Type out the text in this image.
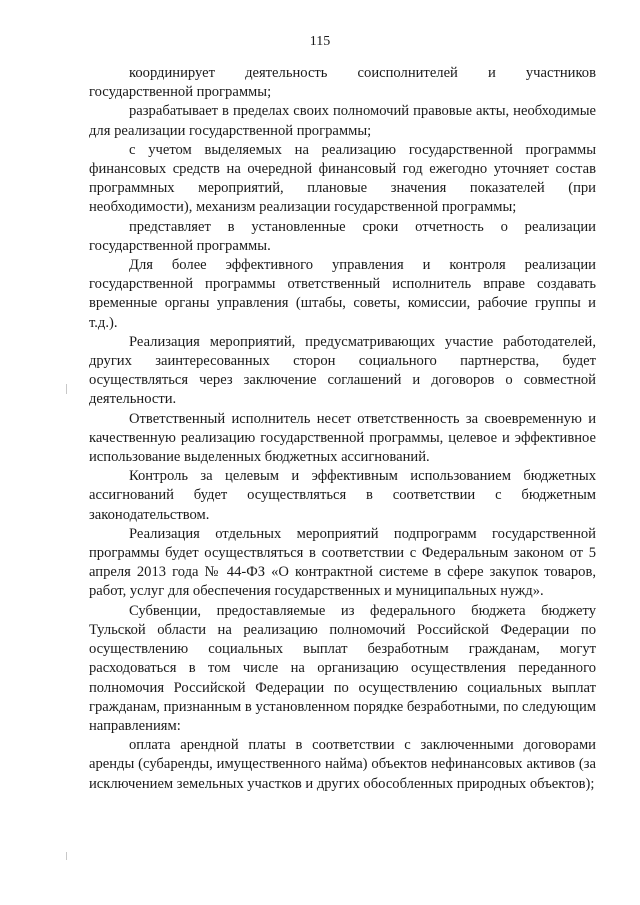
115

координирует деятельность соисполнителей и участников государственной программы;

разрабатывает в пределах своих полномочий правовые акты, необходимые для реализации государственной программы;

с учетом выделяемых на реализацию государственной программы финансовых средств на очередной финансовый год ежегодно уточняет состав программных мероприятий, плановые значения показателей (при необходимости), механизм реализации государственной программы;

представляет в установленные сроки отчетность о реализации государственной программы.

Для более эффективного управления и контроля реализации государственной программы ответственный исполнитель вправе создавать временные органы управления (штабы, советы, комиссии, рабочие группы и т.д.).

Реализация мероприятий, предусматривающих участие работодателей, других заинтересованных сторон социального партнерства, будет осуществляться через заключение соглашений и договоров о совместной деятельности.

Ответственный исполнитель несет ответственность за своевременную и качественную реализацию государственной программы, целевое и эффективное использование выделенных бюджетных ассигнований.

Контроль за целевым и эффективным использованием бюджетных ассигнований будет осуществляться в соответствии с бюджетным законодательством.

Реализация отдельных мероприятий подпрограмм государственной программы будет осуществляться в соответствии с Федеральным законом от 5 апреля 2013 года № 44-ФЗ «О контрактной системе в сфере закупок товаров, работ, услуг для обеспечения государственных и муниципальных нужд».

Субвенции, предоставляемые из федерального бюджета бюджету Тульской области на реализацию полномочий Российской Федерации по осуществлению социальных выплат безработным гражданам, могут расходоваться в том числе на организацию осуществления переданного полномочия Российской Федерации по осуществлению социальных выплат гражданам, признанным в установленном порядке безработными, по следующим направлениям:

оплата арендной платы в соответствии с заключенными договорами аренды (субаренды, имущественного найма) объектов нефинансовых активов (за исключением земельных участков и других обособленных природных объектов);
